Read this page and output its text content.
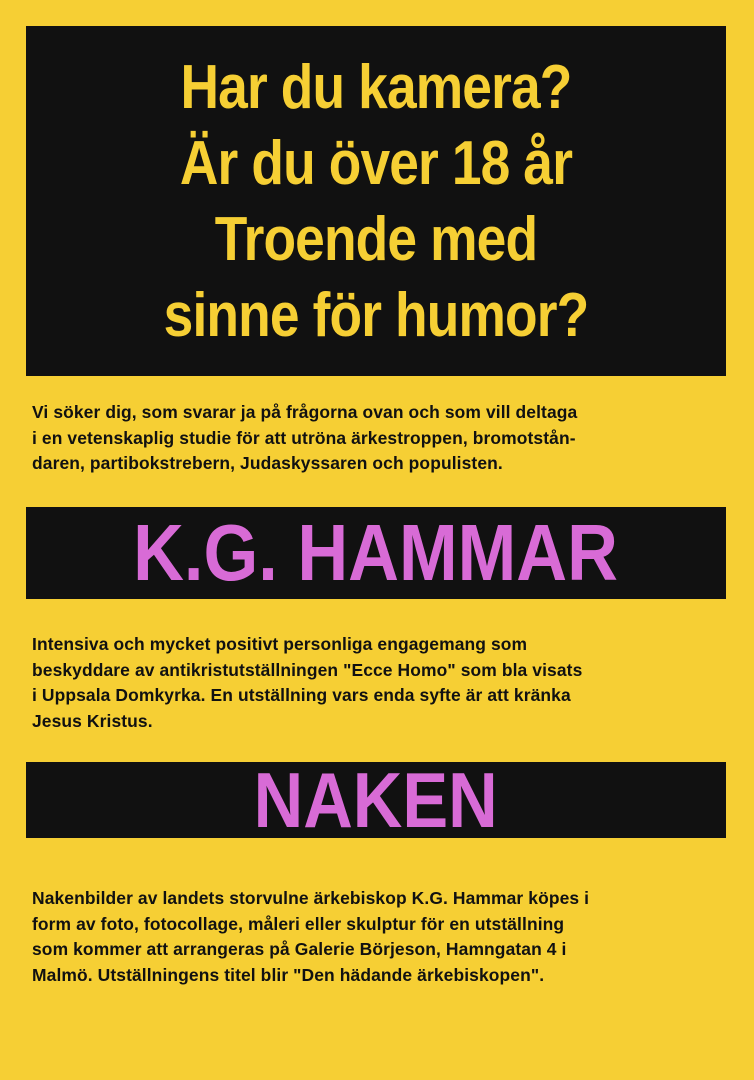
Har du kamera?
Är du över 18 år
Troende med
sinne för humor?
Vi söker dig, som svarar ja på frågorna ovan och som vill deltaga
i en vetenskaplig studie för att utröna ärkestroppen, bromotstån-
daren, partibokstrebern, Judaskyssaren och populisten.
K.G. HAMMAR
Intensiva och mycket positivt personliga engagemang som
beskyddare av antikristutställningen "Ecce Homo" som bla visats
i Uppsala Domkyrka. En utställning vars enda syfte är att kränka
Jesus Kristus.
NAKEN
Nakenbilder av landets storvulne ärkebiskop K.G. Hammar köpes i
form av foto, fotocollage, måleri eller skulptur för en utställning
som kommer att arrangeras på Galerie Börjeson, Hamngatan 4 i
Malmö. Utställningens titel blir "Den hädande ärkebiskopen".
